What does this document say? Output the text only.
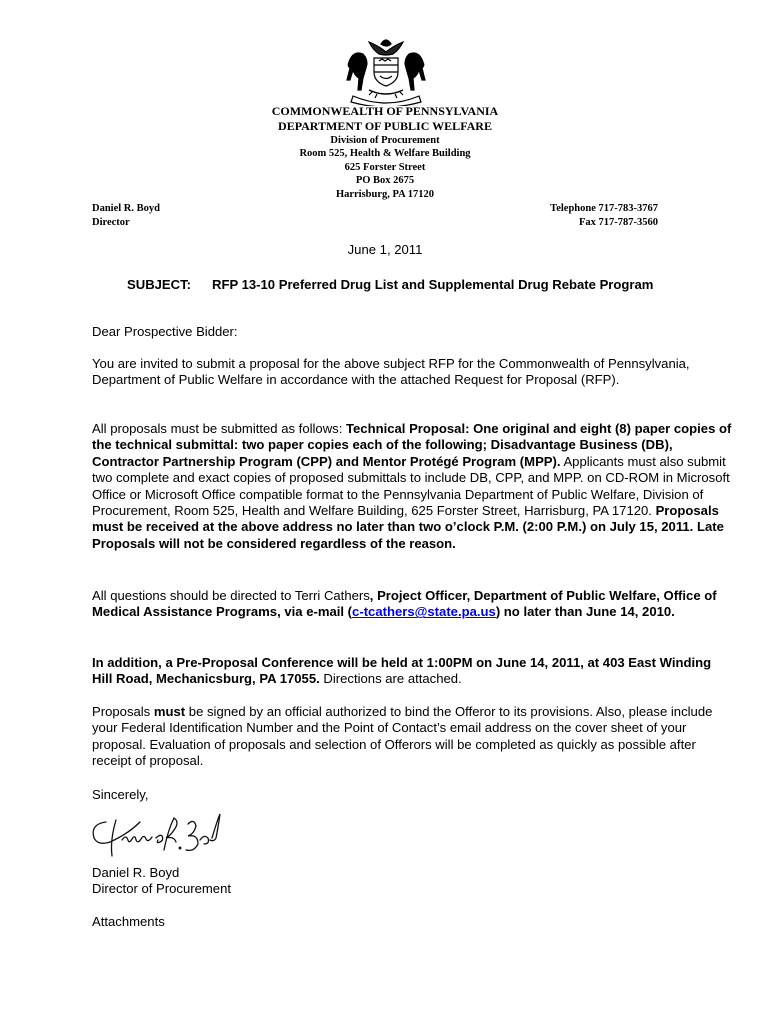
COMMONWEALTH OF PENNSYLVANIA
DEPARTMENT OF PUBLIC WELFARE
Division of Procurement
Room 525, Health & Welfare Building
625 Forster Street
PO Box 2675
Harrisburg, PA 17120
Daniel R. Boyd
Director
Telephone 717-783-3767
Fax 717-787-3560
June 1, 2011
SUBJECT: RFP 13-10 Preferred Drug List and Supplemental Drug Rebate Program
Dear Prospective Bidder:
You are invited to submit a proposal for the above subject RFP for the Commonwealth of Pennsylvania, Department of Public Welfare in accordance with the attached Request for Proposal (RFP).
All proposals must be submitted as follows: Technical Proposal: One original and eight (8) paper copies of the technical submittal: two paper copies each of the following; Disadvantage Business (DB), Contractor Partnership Program (CPP) and Mentor Protégé Program (MPP). Applicants must also submit two complete and exact copies of proposed submittals to include DB, CPP, and MPP. on CD-ROM in Microsoft Office or Microsoft Office compatible format to the Pennsylvania Department of Public Welfare, Division of Procurement, Room 525, Health and Welfare Building, 625 Forster Street, Harrisburg, PA 17120. Proposals must be received at the above address no later than two o’clock P.M. (2:00 P.M.) on July 15, 2011. Late Proposals will not be considered regardless of the reason.
All questions should be directed to Terri Cathers, Project Officer, Department of Public Welfare, Office of Medical Assistance Programs, via e-mail (c-tcathers@state.pa.us) no later than June 14, 2010.
In addition, a Pre-Proposal Conference will be held at 1:00PM on June 14, 2011, at 403 East Winding Hill Road, Mechanicsburg, PA 17055. Directions are attached.
Proposals must be signed by an official authorized to bind the Offeror to its provisions. Also, please include your Federal Identification Number and the Point of Contact’s email address on the cover sheet of your proposal. Evaluation of proposals and selection of Offerors will be completed as quickly as possible after receipt of proposal.
Sincerely,
Daniel R. Boyd
Director of Procurement
Attachments
